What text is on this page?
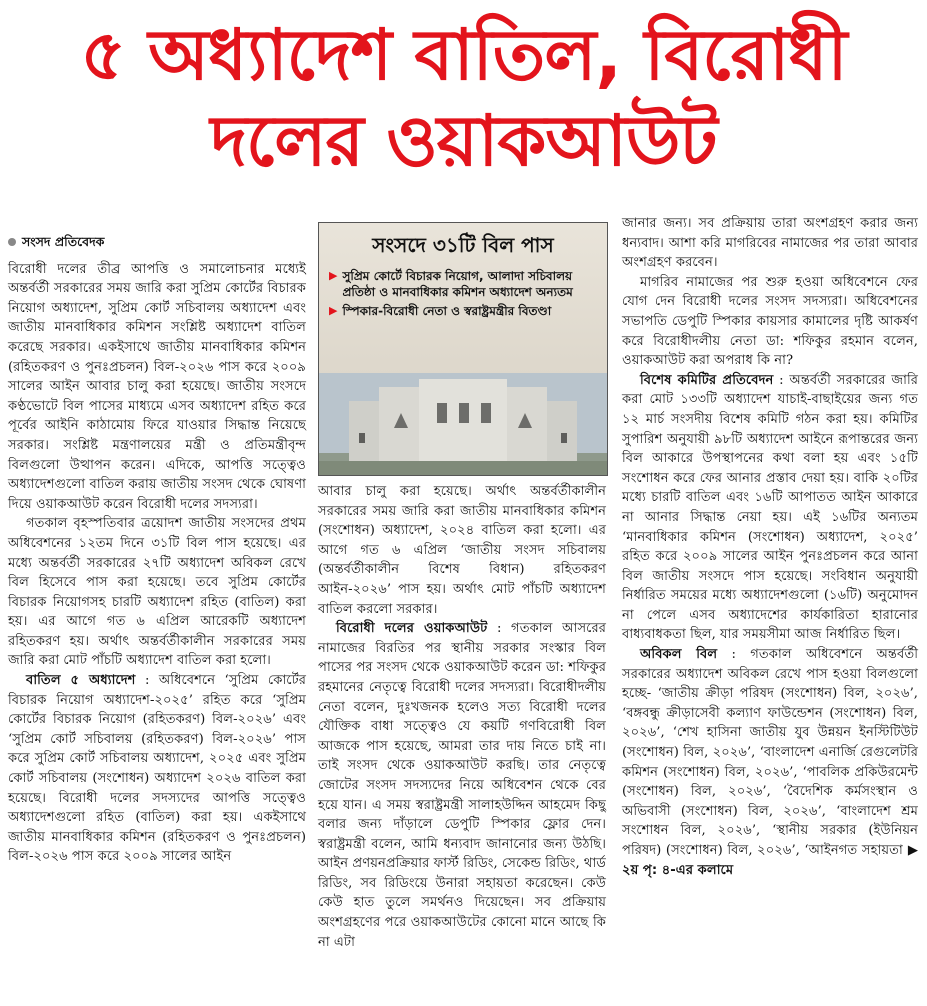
৫ অধ্যাদেশ বাতিল, বিরোধী
দলের ওয়াকআউট
সংসদ প্রতিবেদক

বিরোধী দলের তীব্র আপত্তি ও সমালোচনার মধ্যেই অন্তর্বর্তী সরকারের সময় জারি করা সুপ্রিম কোর্টের বিচারক নিয়োগ অধ্যাদেশ, সুপ্রিম কোর্ট সচিবালয় অধ্যাদেশ এবং জাতীয় মানবাধিকার কমিশন সংশ্লিষ্ট অধ্যাদেশ বাতিল করেছে সরকার। একইসাথে জাতীয় মানবাধিকার কমিশন (রহিতকরণ ও পুনঃপ্রচলন) বিল-২০২৬ পাস করে ২০০৯ সালের আইন আবার চালু করা হয়েছে। জাতীয় সংসদে কণ্ঠভোটে বিল পাসের মাধ্যমে এসব অধ্যাদেশ রহিত করে পূর্বের আইনি কাঠামোয় ফিরে যাওয়ার সিদ্ধান্ত নিয়েছে সরকার। সংশ্লিষ্ট মন্ত্রণালয়ের মন্ত্রী ও প্রতিমন্ত্রীবৃন্দ বিলগুলো উত্থাপন করেন। এদিকে, আপত্তি সত্ত্বেও অধ্যাদেশগুলো বাতিল করায় জাতীয় সংসদ থেকে ঘোষণা দিয়ে ওয়াকআউট করেন বিরোধী দলের সদস্যরা।

গতকাল বৃহস্পতিবার ত্রয়োদশ জাতীয় সংসদের প্রথম অধিবেশনের ১২তম দিনে ৩১টি বিল পাস হয়েছে। এর মধ্যে অন্তর্বর্তী সরকারের ২৭টি অধ্যাদেশ অবিকল রেখে বিল হিসেবে পাস করা হয়েছে। তবে সুপ্রিম কোর্টের বিচারক নিয়োগসহ চারটি অধ্যাদেশ রহিত (বাতিল) করা হয়। এর আগে গত ৬ এপ্রিল আরেকটি অধ্যাদেশ রহিতকরণ হয়। অর্থাৎ অন্তর্বর্তীকালীন সরকারের সময় জারি করা মোট পাঁচটি অধ্যাদেশ বাতিল করা হলো।

বাতিল ৫ অধ্যাদেশ : অধিবেশনে ‘সুপ্রিম কোর্টের বিচারক নিয়োগ অধ্যাদেশ-২০২৫’ রহিত করে ‘সুপ্রিম কোর্টের বিচারক নিয়োগ (রহিতকরণ) বিল-২০২৬’ এবং ‘সুপ্রিম কোর্ট সচিবালয় (রহিতকরণ) বিল-২০২৬’ পাস করে সুপ্রিম কোর্ট সচিবালয় অধ্যাদেশ, ২০২৫ এবং সুপ্রিম কোর্ট সচিবালয় (সংশোধন) অধ্যাদেশ ২০২৬ বাতিল করা হয়েছে। বিরোধী দলের সদস্যদের আপত্তি সত্ত্বেও অধ্যাদেশগুলো রহিত (বাতিল) করা হয়। একইসাথে জাতীয় মানবাধিকার কমিশন (রহিতকরণ ও পুনঃপ্রচলন) বিল-২০২৬ পাস করে ২০০৯ সালের আইন

সংসদে ৩১টি বিল পাস
▶ সুপ্রিম কোর্টে বিচারক নিয়োগ, আলাদা সচিবালয় প্রতিষ্ঠা ও মানবাধিকার কমিশন অধ্যাদেশ অন্যতম
▶ স্পিকার-বিরোধী নেতা ও স্বরাষ্ট্রমন্ত্রীর বিতণ্ডা

আবার চালু করা হয়েছে। অর্থাৎ অন্তর্বর্তীকালীন সরকারের সময় জারি করা জাতীয় মানবাধিকার কমিশন (সংশোধন) অধ্যাদেশ, ২০২৪ বাতিল করা হলো। এর আগে গত ৬ এপ্রিল ‘জাতীয় সংসদ সচিবালয় (অন্তর্বর্তীকালীন বিশেষ বিধান) রহিতকরণ আইন-২০২৬’ পাস হয়। অর্থাৎ মোট পাঁচটি অধ্যাদেশ বাতিল করলো সরকার।

বিরোধী দলের ওয়াকআউট : গতকাল আসরের নামাজের বিরতির পর স্থানীয় সরকার সংস্কার বিল পাসের পর সংসদ থেকে ওয়াকআউট করেন ডা: শফিকুর রহমানের নেতৃত্বে বিরোধী দলের সদস্যরা। বিরোধীদলীয় নেতা বলেন, দুঃখজনক হলেও সত্য বিরোধী দলের যৌক্তিক বাধা সত্ত্বেও যে কয়টি গণবিরোধী বিল আজকে পাস হয়েছে, আমরা তার দায় নিতে চাই না। তাই সংসদ থেকে ওয়াকআউট করছি। তার নেতৃত্বে জোটের সংসদ সদস্যদের নিয়ে অধিবেশন থেকে বের হয়ে যান। এ সময় স্বরাষ্ট্রমন্ত্রী সালাহউদ্দিন আহমেদ কিছু বলার জন্য দাঁড়ালে ডেপুটি স্পিকার ফ্লোর দেন। স্বরাষ্ট্রমন্ত্রী বলেন, আমি ধন্যবাদ জানানোর জন্য উঠছি। আইন প্রণয়নপ্রক্রিয়ার ফার্স্ট রিডিং, সেকেন্ড রিডিং, থার্ড রিডিং, সব রিডিংয়ে উনারা সহায়তা করেছেন। কেউ কেউ হাত তুলে সমর্থনও দিয়েছেন। সব প্রক্রিয়ায় অংশগ্রহণের পরে ওয়াকআউটের কোনো মানে আছে কি না এটা

জানার জন্য। সব প্রক্রিয়ায় তারা অংশগ্রহণ করার জন্য ধন্যবাদ। আশা করি মাগরিবের নামাজের পর তারা আবার অংশগ্রহণ করবেন।

মাগরিব নামাজের পর শুরু হওয়া অধিবেশনে ফের যোগ দেন বিরোধী দলের সংসদ সদস্যরা। অধিবেশনের সভাপতি ডেপুটি স্পিকার কায়সার কামালের দৃষ্টি আকর্ষণ করে বিরোধীদলীয় নেতা ডা: শফিকুর রহমান বলেন, ওয়াকআউট করা অপরাধ কি না?

বিশেষ কমিটির প্রতিবেদন : অন্তর্বর্তী সরকারের জারি করা মোট ১৩৩টি অধ্যাদেশ যাচাই-বাছাইয়ের জন্য গত ১২ মার্চ সংসদীয় বিশেষ কমিটি গঠন করা হয়। কমিটির সুপারিশ অনুযায়ী ৯৮টি অধ্যাদেশ আইনে রূপান্তরের জন্য বিল আকারে উপস্থাপনের কথা বলা হয় এবং ১৫টি সংশোধন করে ফের আনার প্রস্তাব দেয়া হয়। বাকি ২০টির মধ্যে চারটি বাতিল এবং ১৬টি আপাতত আইন আকারে না আনার সিদ্ধান্ত নেয়া হয়। এই ১৬টির অন্যতম ‘মানবাধিকার কমিশন (সংশোধন) অধ্যাদেশ, ২০২৫’ রহিত করে ২০০৯ সালের আইন পুনঃপ্রচলন করে আনা বিল জাতীয় সংসদে পাস হয়েছে। সংবিধান অনুযায়ী নির্ধারিত সময়ের মধ্যে অধ্যাদেশগুলো (১৬টি) অনুমোদন না পেলে এসব অধ্যাদেশের কার্যকারিতা হারানোর বাধ্যবাধকতা ছিল, যার সময়সীমা আজ নির্ধারিত ছিল।

অবিকল বিল : গতকাল অধিবেশনে অন্তর্বর্তী সরকারের অধ্যাদেশ অবিকল রেখে পাস হওয়া বিলগুলো হচ্ছে- ‘জাতীয় ক্রীড়া পরিষদ (সংশোধন) বিল, ২০২৬’, ‘বঙ্গবন্ধু ক্রীড়াসেবী কল্যাণ ফাউন্ডেশন (সংশোধন) বিল, ২০২৬’, ‘শেখ হাসিনা জাতীয় যুব উন্নয়ন ইনস্টিটিউট (সংশোধন) বিল, ২০২৬’, ‘বাংলাদেশ এনার্জি রেগুলেটরি কমিশন (সংশোধন) বিল, ২০২৬’, ‘পাবলিক প্রকিউরমেন্ট (সংশোধন) বিল, ২০২৬’, ‘বৈদেশিক কর্মসংস্থান ও অভিবাসী (সংশোধন) বিল, ২০২৬’, ‘বাংলাদেশ শ্রম সংশোধন বিল, ২০২৬’, ‘স্থানীয় সরকার (ইউনিয়ন পরিষদ) (সংশোধন) বিল, ২০২৬’, ‘আইনগত সহায়তা ▶ ২য় পৃ: ৪-এর কলামে
